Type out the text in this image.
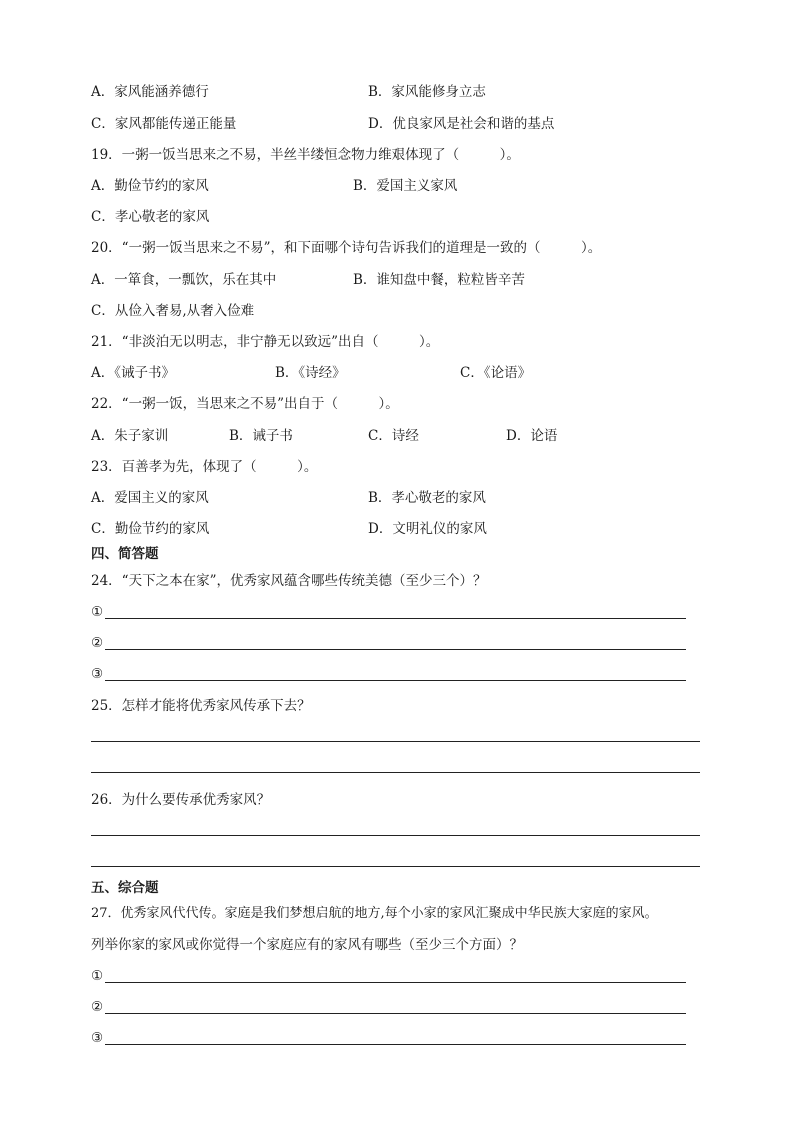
A．家风能涵养德行	B．家风能修身立志
C．家风都能传递正能量	D．优良家风是社会和谐的基点
19．一粥一饭当思来之不易，半丝半缕恒念物力维艰体现了（　　　）。
A．勤俭节约的家风	B．爱国主义家风
C．孝心敬老的家风
20．“一粥一饭当思来之不易”，和下面哪个诗句告诉我们的道理是一致的（　　　）。
A．一箪食，一瓢饮，乐在其中	B．谁知盘中餐，粒粒皆辛苦
C．从俭入奢易,从奢入俭难
21．“非淡泊无以明志，非宁静无以致远”出自（　　　）。
A．《诫子书》	B．《诗经》	C．《论语》
22．“一粥一饭，当思来之不易”出自于（　　　）。
A．朱子家训	B．诫子书	C．诗经	D．论语
23．百善孝为先，体现了（　　　）。
A．爱国主义的家风	B．孝心敬老的家风
C．勤俭节约的家风	D．文明礼仪的家风
四、简答题
24．“天下之本在家”，优秀家风蕴含哪些传统美德（至少三个）？
①
②
③
25．怎样才能将优秀家风传承下去？
26．为什么要传承优秀家风？
五、综合题
27．优秀家风代代传。家庭是我们梦想启航的地方,每个小家的家风汇聚成中华民族大家庭的家风。
列举你家的家风或你觉得一个家庭应有的家风有哪些（至少三个方面）？
①
②
③
